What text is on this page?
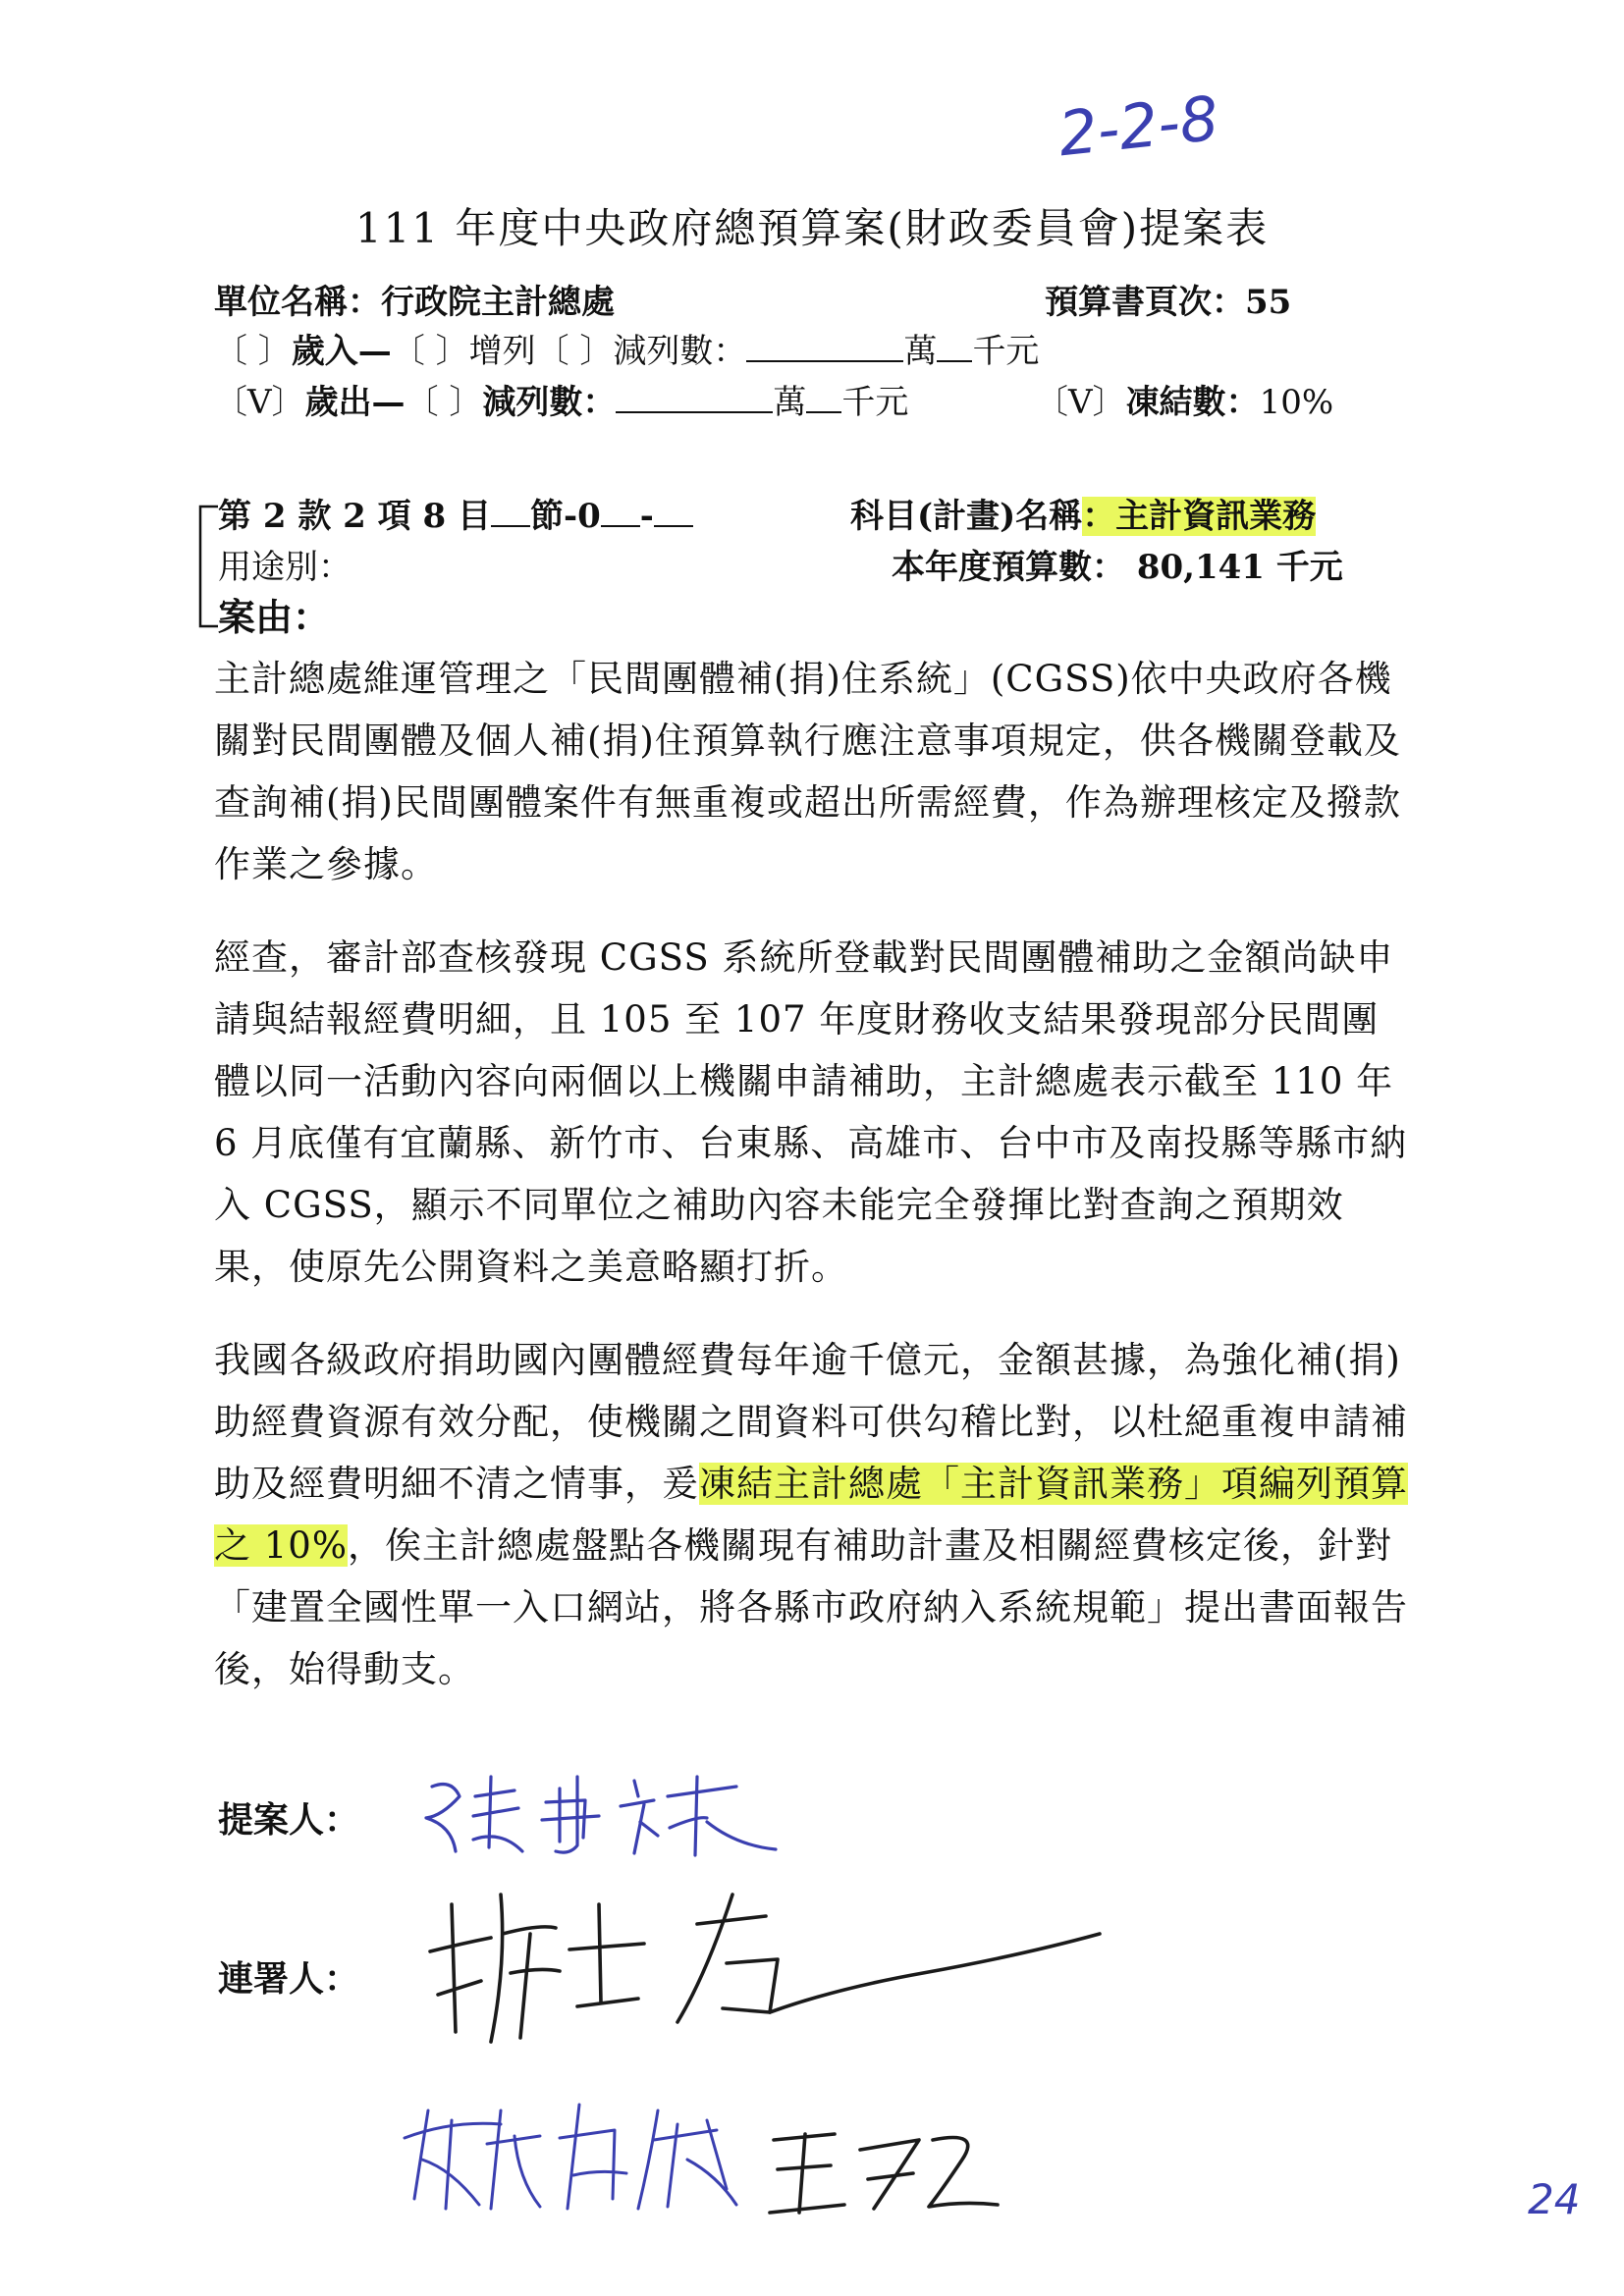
2-2-8
111 年度中央政府總預算案(財政委員會)提案表
單位名稱：行政院主計總處	預算書頁次：55
〔 〕歲入—〔 〕增列〔 〕減列數：	萬 千元
〔V〕歲出—〔 〕減列數：	萬 千元	〔V〕凍結數：10%
第 2 款 2 項 8 目 節-0 -	科目(計畫)名稱：主計資訊業務
用途別：	本年度預算數： 80,141 千元
案由：

主計總處維運管理之「民間團體補(捐)住系統」(CGSS)依中央政府各機關對民間團體及個人補(捐)住預算執行應注意事項規定，供各機關登載及查詢補(捐)民間團體案件有無重複或超出所需經費，作為辦理核定及撥款作業之參據。

經查，審計部查核發現 CGSS 系統所登載對民間團體補助之金額尚缺申請與結報經費明細，且 105 至 107 年度財務收支結果發現部分民間團體以同一活動內容向兩個以上機關申請補助，主計總處表示截至 110 年 6 月底僅有宜蘭縣、新竹市、台東縣、高雄市、台中市及南投縣等縣市納入 CGSS，顯示不同單位之補助內容未能完全發揮比對查詢之預期效果，使原先公開資料之美意略顯打折。

我國各級政府捐助國內團體經費每年逾千億元，金額甚據，為強化補(捐)助經費資源有效分配，使機關之間資料可供勾稽比對，以杜絕重複申請補助及經費明細不清之情事，爰凍結主計總處「主計資訊業務」項編列預算之 10%，俟主計總處盤點各機關現有補助計畫及相關經費核定後，針對「建置全國性單一入口網站，將各縣市政府納入系統規範」提出書面報告後，始得動支。

提案人：
連署人：
24
